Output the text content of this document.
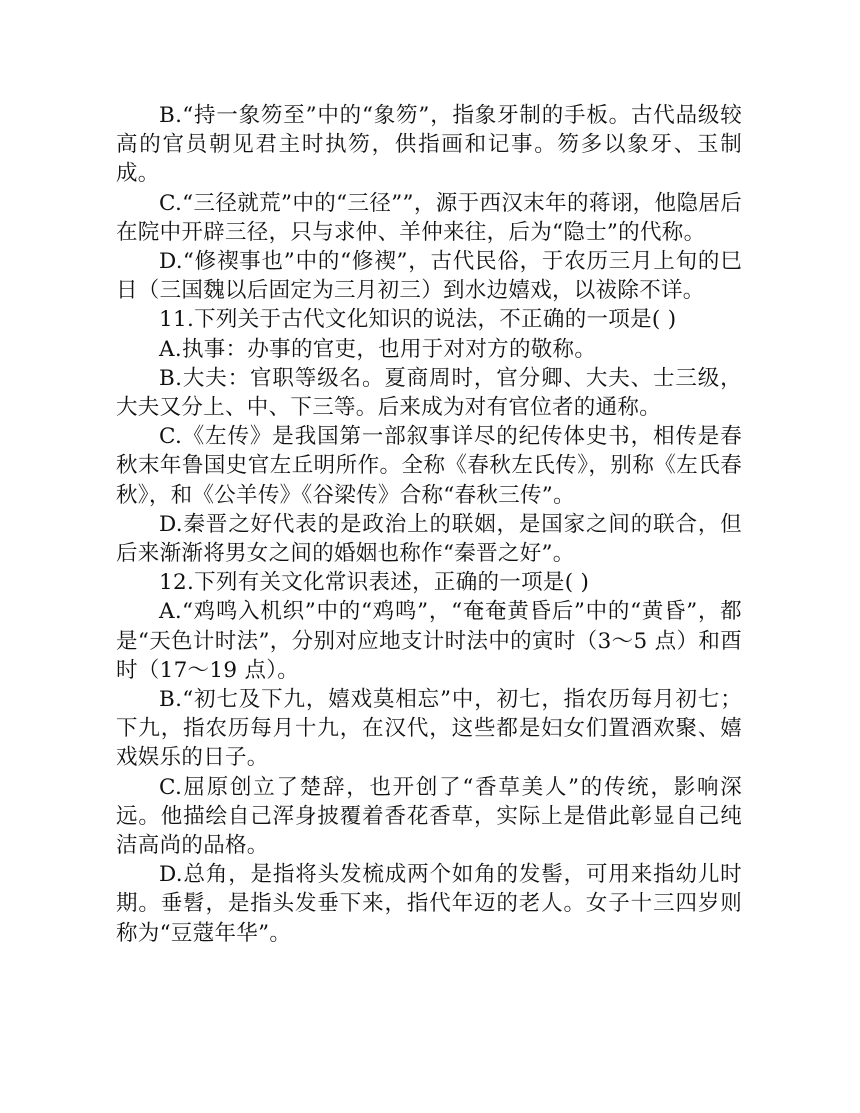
B.“持一象笏至”中的“象笏”，指象牙制的手板。古代品级较高的官员朝见君主时执笏，供指画和记事。笏多以象牙、玉制成。

C.“三径就荒”中的“三径””，源于西汉末年的蒋诩，他隐居后在院中开辟三径，只与求仲、羊仲来往，后为“隐士”的代称。

D.“修禊事也”中的“修禊”，古代民俗，于农历三月上旬的巳日（三国魏以后固定为三月初三）到水边嬉戏，以祓除不详。

11.下列关于古代文化知识的说法，不正确的一项是( )

A.执事：办事的官吏，也用于对对方的敬称。

B.大夫：官职等级名。夏商周时，官分卿、大夫、士三级，大夫又分上、中、下三等。后来成为对有官位者的通称。

C.《左传》是我国第一部叙事详尽的纪传体史书，相传是春秋末年鲁国史官左丘明所作。全称《春秋左氏传》，别称《左氏春秋》，和《公羊传》《谷梁传》合称“春秋三传”。

D.秦晋之好代表的是政治上的联姻，是国家之间的联合，但后来渐渐将男女之间的婚姻也称作“秦晋之好”。

12.下列有关文化常识表述，正确的一项是( )

A.“鸡鸣入机织”中的“鸡鸣”，“奄奄黄昏后”中的“黄昏”，都是“天色计时法”，分别对应地支计时法中的寅时（3～5 点）和酉时（17～19 点）。

B.“初七及下九，嬉戏莫相忘”中，初七，指农历每月初七；下九，指农历每月十九，在汉代，这些都是妇女们置酒欢聚、嬉戏娱乐的日子。

C.屈原创立了楚辞，也开创了“香草美人”的传统，影响深远。他描绘自己浑身披覆着香花香草，实际上是借此彰显自己纯洁高尚的品格。

D.总角，是指将头发梳成两个如角的发髻，可用来指幼儿时期。垂髫，是指头发垂下来，指代年迈的老人。女子十三四岁则称为“豆蔻年华”。
